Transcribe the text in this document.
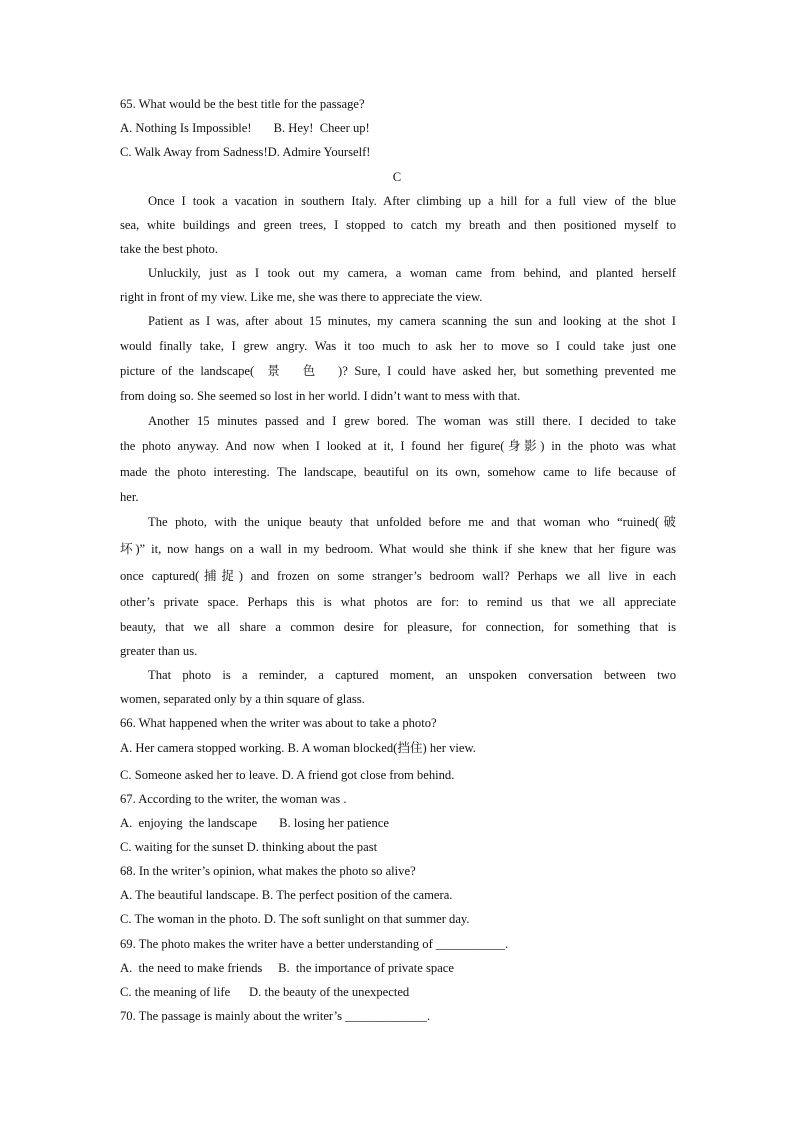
65. What would be the best title for the passage?
A. Nothing Is Impossible!       B. Hey!  Cheer up!
C. Walk Away from Sadness!D. Admire Yourself!
C
Once I took a vacation in southern Italy. After climbing up a hill for a full view of the blue
sea, white buildings and green trees, I stopped to catch my breath and then positioned myself to
take the best photo.
Unluckily, just as I took out my camera, a woman came from behind, and planted herself
right in front of my view. Like me, she was there to appreciate the view.
Patient as I was, after about 15 minutes, my camera scanning the sun and looking at the shot I
would finally take, I grew angry. Was it too much to ask her to move so I could take just one
picture of the landscape(  景   色   )? Sure, I could have asked her, but something prevented me
from doing so. She seemed so lost in her world. I didn’t want to mess with that.
Another 15 minutes passed and I grew bored. The woman was still there. I decided to take
the photo anyway. And now when I looked at it, I found her figure(身影) in the photo was what
made the photo interesting. The landscape, beautiful on its own, somehow came to life because of
her.
The photo, with the unique beauty that unfolded before me and that woman who “ruined(破
坏)” it, now hangs on a wall in my bedroom. What would she think if she knew that her figure was
once captured(捕捉) and frozen on some stranger’s bedroom wall? Perhaps we all live in each
other’s private space. Perhaps this is what photos are for: to remind us that we all appreciate
beauty, that we all share a common desire for pleasure, for connection, for something that is
greater than us.
That photo is a reminder, a captured moment, an unspoken conversation between two
women, separated only by a thin square of glass.
66. What happened when the writer was about to take a photo?
A. Her camera stopped working. B. A woman blocked(挡住) her view.
C. Someone asked her to leave. D. A friend got close from behind.
67. According to the writer, the woman was .
A.  enjoying  the landscape       B. losing her patience
C. waiting for the sunset D. thinking about the past
68. In the writer’s opinion, what makes the photo so alive?
A. The beautiful landscape. B. The perfect position of the camera.
C. The woman in the photo. D. The soft sunlight on that summer day.
69. The photo makes the writer have a better understanding of ___________.
A.  the need to make friends     B.  the importance of private space
C. the meaning of life      D. the beauty of the unexpected
70. The passage is mainly about the writer’s _____________.
